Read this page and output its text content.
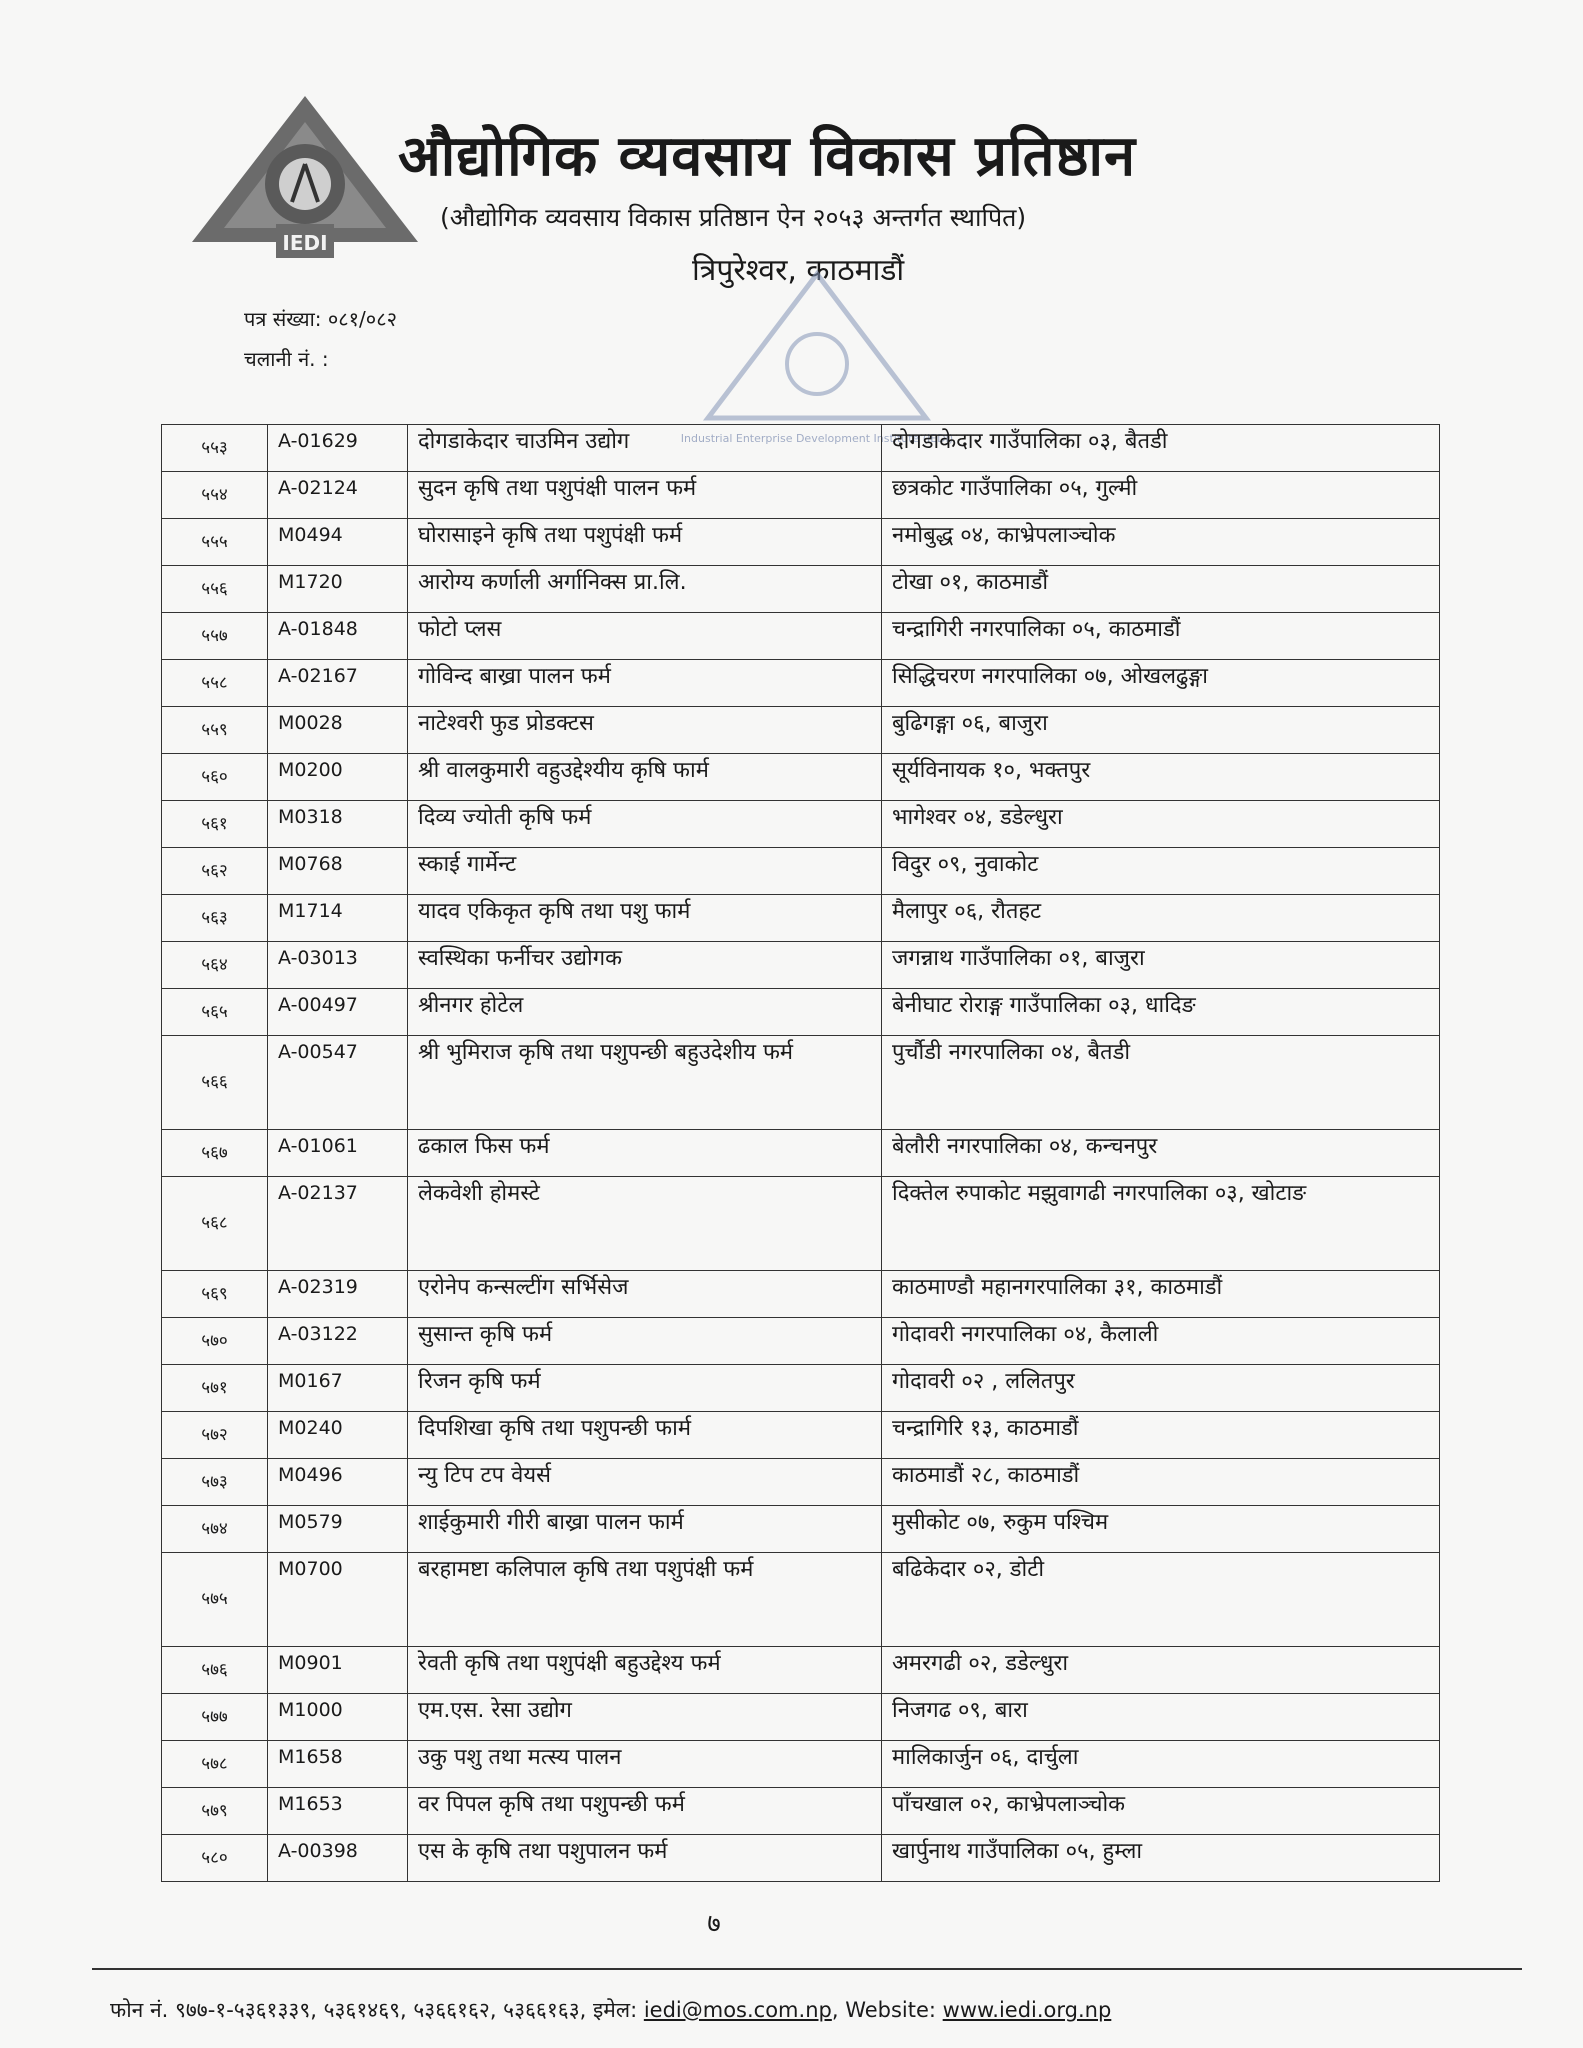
IEDI
औद्योगिक व्यवसाय विकास प्रतिष्ठान
(औद्योगिक व्यवसाय विकास प्रतिष्ठान ऐन २०५३ अन्तर्गत स्थापित)
त्रिपुरेश्वर, काठमाडौं
पत्र संख्या: ०८१/०८२
चलानी नं. :
Industrial Enterprise Development Institute (IEDI)
५५३	A-01629	दोगडाकेदार चाउमिन उद्योग	दोगडाकेदार गाउँपालिका ०३, बैतडी
५५४	A-02124	सुदन कृषि तथा पशुपंक्षी पालन फर्म	छत्रकोट गाउँपालिका ०५, गुल्मी
५५५	M0494	घोरासाइने कृषि तथा पशुपंक्षी फर्म	नमोबुद्ध ०४, काभ्रेपलाञ्चोक
५५६	M1720	आरोग्य कर्णाली अर्गानिक्स प्रा.लि.	टोखा ०१, काठमाडौं
५५७	A-01848	फोटो प्लस	चन्द्रागिरी नगरपालिका ०५, काठमाडौं
५५८	A-02167	गोविन्द बाख्रा पालन फर्म	सिद्धिचरण नगरपालिका ०७, ओखलढुङ्गा
५५९	M0028	नाटेश्वरी फुड प्रोडक्टस	बुढिगङ्गा ०६, बाजुरा
५६०	M0200	श्री वालकुमारी वहुउद्देश्यीय कृषि फार्म	सूर्यविनायक १०, भक्तपुर
५६१	M0318	दिव्य ज्योती कृषि फर्म	भागेश्वर ०४, डडेल्धुरा
५६२	M0768	स्काई गार्मेन्ट	विदुर ०९, नुवाकोट
५६३	M1714	यादव एकिकृत कृषि तथा पशु फार्म	मैलापुर ०६, रौतहट
५६४	A-03013	स्वस्थिका फर्नीचर उद्योगक	जगन्नाथ गाउँपालिका ०१, बाजुरा
५६५	A-00497	श्रीनगर होटेल	बेनीघाट रोराङ्ग गाउँपालिका ०३, धादिङ
५६६	A-00547	श्री भुमिराज कृषि तथा पशुपन्छी बहुउदेशीय फर्म	पुर्चौडी नगरपालिका ०४, बैतडी
५६७	A-01061	ढकाल फिस फर्म	बेलौरी नगरपालिका ०४, कन्चनपुर
५६८	A-02137	लेकवेशी होमस्टे	दिक्तेल रुपाकोट मझुवागढी नगरपालिका ०३, खोटाङ
५६९	A-02319	एरोनेप कन्सल्टींग सर्भिसेज	काठमाण्डौ महानगरपालिका ३१, काठमाडौं
५७०	A-03122	सुसान्त कृषि फर्म	गोदावरी नगरपालिका ०४, कैलाली
५७१	M0167	रिजन कृषि फर्म	गोदावरी ०२ , ललितपुर
५७२	M0240	दिपशिखा कृषि तथा पशुपन्छी फार्म	चन्द्रागिरि १३, काठमाडौं
५७३	M0496	न्यु टिप टप वेयर्स	काठमाडौं २८, काठमाडौं
५७४	M0579	शाईकुमारी गीरी बाख्रा पालन फार्म	मुसीकोट ०७, रुकुम पश्चिम
५७५	M0700	बरहामष्टा कलिपाल कृषि तथा पशुपंक्षी फर्म	बढिकेदार ०२, डोटी
५७६	M0901	रेवती कृषि तथा पशुपंक्षी बहुउद्देश्य फर्म	अमरगढी ०२, डडेल्धुरा
५७७	M1000	एम.एस. रेसा उद्योग	निजगढ ०९, बारा
५७८	M1658	उकु पशु तथा मत्स्य पालन	मालिकार्जुन ०६, दार्चुला
५७९	M1653	वर पिपल कृषि तथा पशुपन्छी फर्म	पाँचखाल ०२, काभ्रेपलाञ्चोक
५८०	A-00398	एस के कृषि तथा पशुपालन फर्म	खार्पुनाथ गाउँपालिका ०५, हुम्ला
७
फोन नं. ९७७-१-५३६१३३९, ५३६१४६९, ५३६६१६२, ५३६६१६३, इमेल: iedi@mos.com.np, Website: www.iedi.org.np
